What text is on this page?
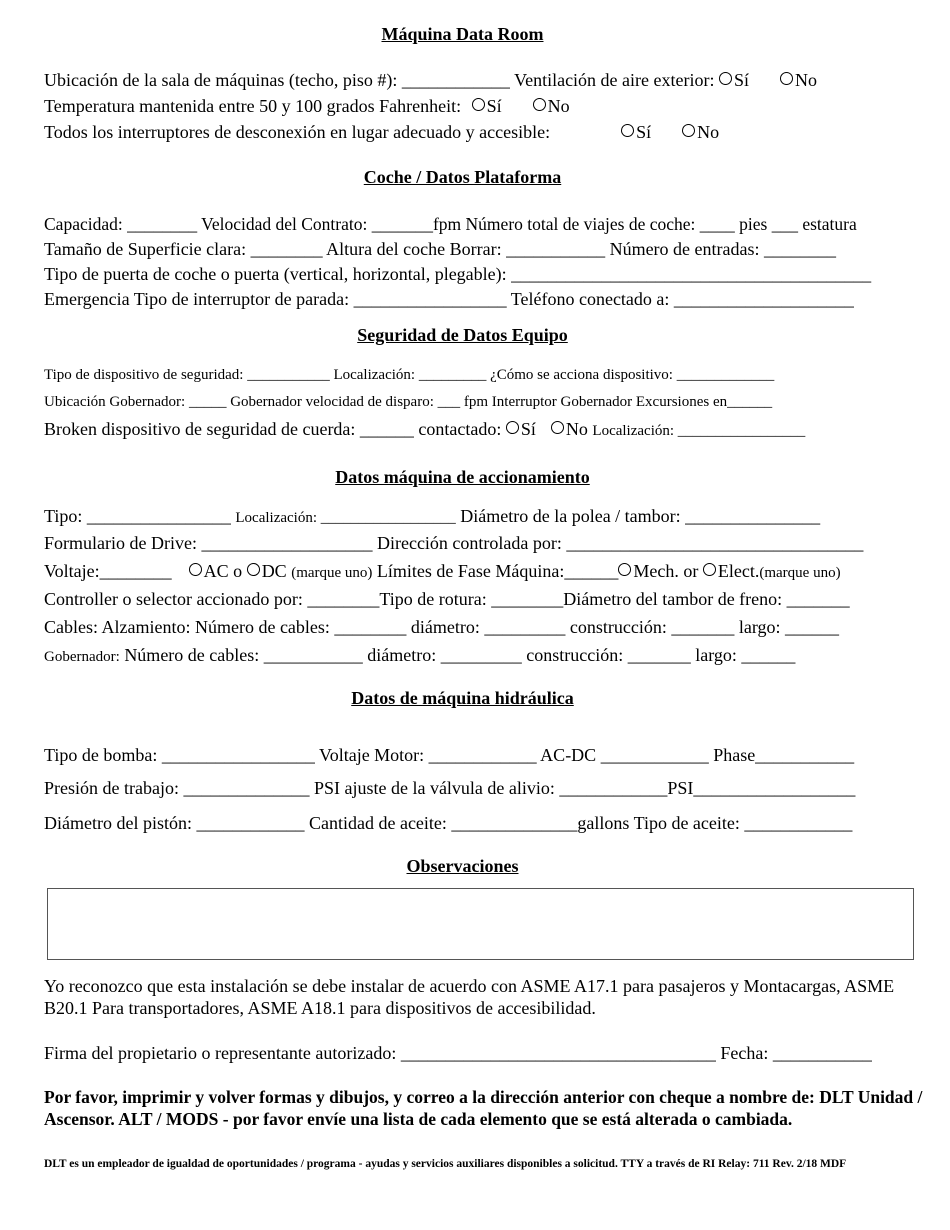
Máquina Data Room
Ubicación de la sala de máquinas (techo, piso #): ____________ Ventilación de aire exterior: Sí	No
Temperatura mantenida entre 50 y 100 grados Fahrenheit: Sí	No
Todos los interruptores de desconexión en lugar adecuado y accesible:	Sí	No
Coche / Datos Plataforma
Capacidad: ________ Velocidad del Contrato: _______fpm Número total de viajes de coche: ____ pies ___ estatura
Tamaño de Superficie clara: ________ Altura del coche Borrar: ___________ Número de entradas: ________
Tipo de puerta de coche o puerta (vertical, horizontal, plegable): ________________________________________
Emergencia Tipo de interruptor de parada: _________________ Teléfono conectado a: ____________________
Seguridad de Datos Equipo
Tipo de dispositivo de seguridad: ___________ Localización: _________ ¿Cómo se acciona dispositivo: _____________
Ubicación Gobernador: _____ Gobernador velocidad de disparo: ___ fpm Interruptor Gobernador Excursiones en______
Broken dispositivo de seguridad de cuerda: ______ contactado: Sí No Localización: _________________
Datos máquina de accionamiento
Tipo: ________________ Localización: __________________ Diámetro de la polea / tambor: _______________
Formulario de Drive: ___________________ Dirección controlada por: _________________________________
Voltaje:________ AC o DC (marque uno) Límites de Fase Máquina:______ Mech. or Elect.(marque uno)
Controller o selector accionado por: ________Tipo de rotura: ________Diámetro del tambor de freno: _______
Cables: Alzamiento: Número de cables: ________ diámetro: _________ construcción: _______ largo: ______
Gobernador: Número de cables: ___________ diámetro: _________ construcción: _______ largo: ______
Datos de máquina hidráulica
Tipo de bomba: _________________ Voltaje Motor: ____________ AC-DC ____________ Phase___________
Presión de trabajo: ______________ PSI ajuste de la válvula de alivio: ____________PSI__________________
Diámetro del pistón: ____________ Cantidad de aceite: ______________gallons Tipo de aceite: ____________
Observaciones
Yo reconozco que esta instalación se debe instalar de acuerdo con ASME A17.1 para pasajeros y Montacargas, ASME B20.1 Para transportadores, ASME A18.1 para dispositivos de accesibilidad.
Firma del propietario o representante autorizado: ___________________________________ Fecha: ___________
Por favor, imprimir y volver formas y dibujos, y correo a la dirección anterior con cheque a nombre de: DLT Unidad / Ascensor. ALT / MODS - por favor envíe una lista de cada elemento que se está alterada o cambiada.
DLT es un empleador de igualdad de oportunidades / programa - ayudas y servicios auxiliares disponibles a solicitud. TTY a través de RI Relay: 711 Rev. 2/18 MDF
